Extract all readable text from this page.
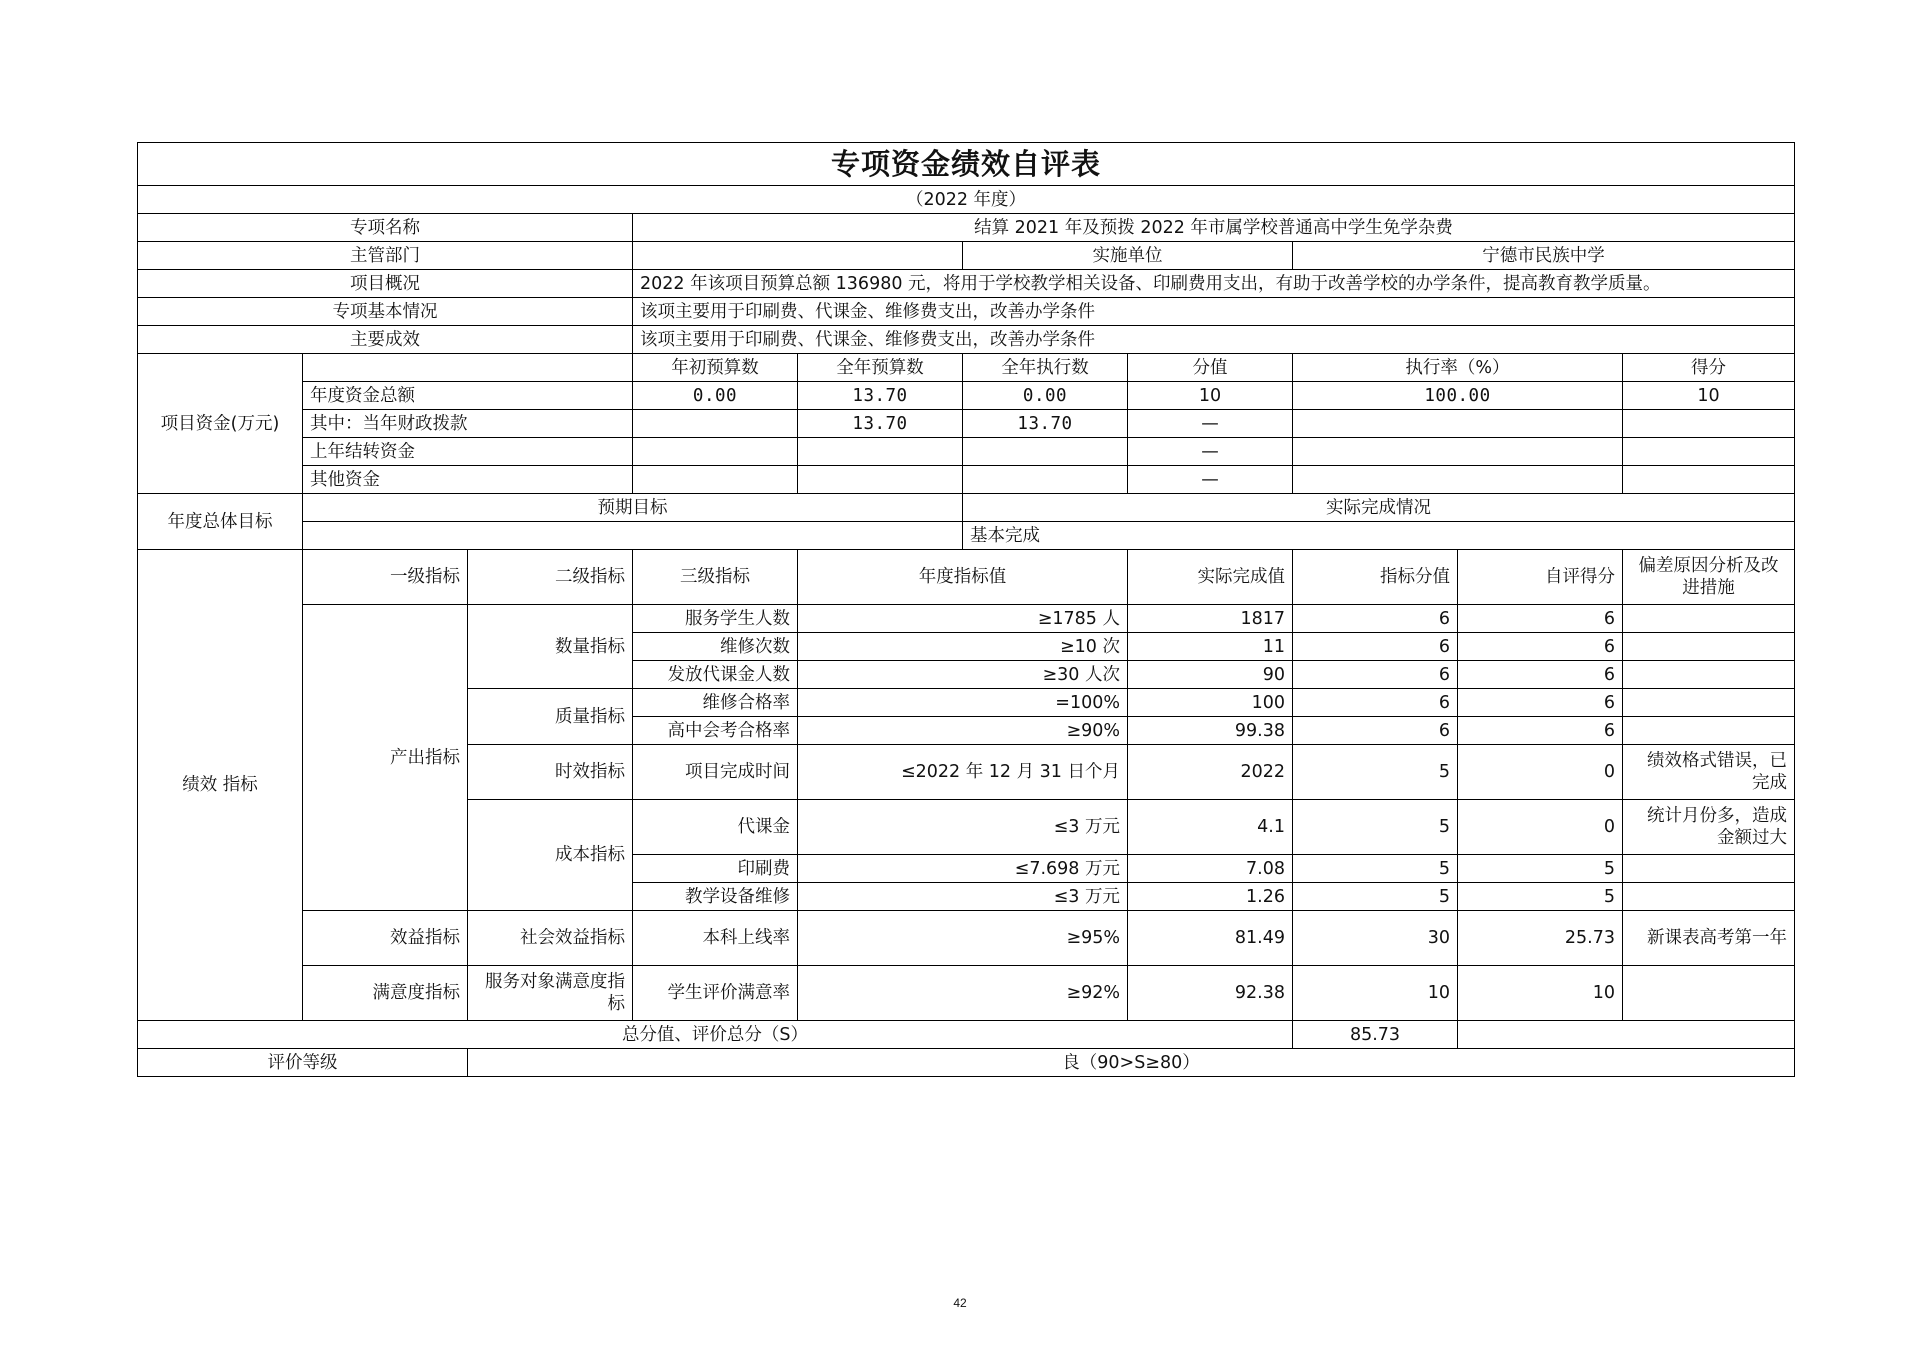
专项资金绩效自评表									
（2022 年度）									
专项名称			结算 2021 年及预拨 2022 年市属学校普通高中学生免学杂费						
主管部门					实施单位		宁德市民族中学		
项目概况			2022 年该项目预算总额 136980 元，将用于学校教学相关设备、印刷费用支出，有助于改善学校的办学条件，提高教育教学质量。						
专项基本情况			该项主要用于印刷费、代课金、维修费支出，改善办学条件						
主要成效			该项主要用于印刷费、代课金、维修费支出，改善办学条件						
项目资金(万元)			年初预算数	全年预算数	全年执行数	分值	执行率（%）		得分
	年度资金总额		0.00	13.70	0.00	10	100.00		10
	其中：当年财政拨款			13.70	13.70	—			
	上年结转资金					—			
	其他资金					—			
年度总体目标	预期目标				实际完成情况				
					基本完成				
绩效 指标	一级指标	二级指标	三级指标	年度指标值		实际完成值	指标分值	自评得分	偏差原因分析及改进措施
	产出指标	数量指标	服务学生人数	≥1785 人		1817	6	6	
			维修次数	≥10 次		11	6	6	
			发放代课金人数	≥30 人次		90	6	6	
		质量指标	维修合格率	=100%		100	6	6	
			高中会考合格率	≥90%		99.38	6	6	
		时效指标	项目完成时间	≤2022 年 12 月 31 日个月		2022	5	0	绩效格式错误，已完成
		成本指标	代课金	≤3 万元		4.1	5	0	统计月份多，造成金额过大
			印刷费	≤7.698 万元		7.08	5	5	
			教学设备维修	≤3 万元		1.26	5	5	
	效益指标	社会效益指标	本科上线率	≥95%		81.49	30	25.73	新课表高考第一年
	满意度指标	服务对象满意度指标	学生评价满意率	≥92%		92.38	10	10	
总分值、评价总分（S）							85.73		
评价等级		良（90>S≥80）							
42
